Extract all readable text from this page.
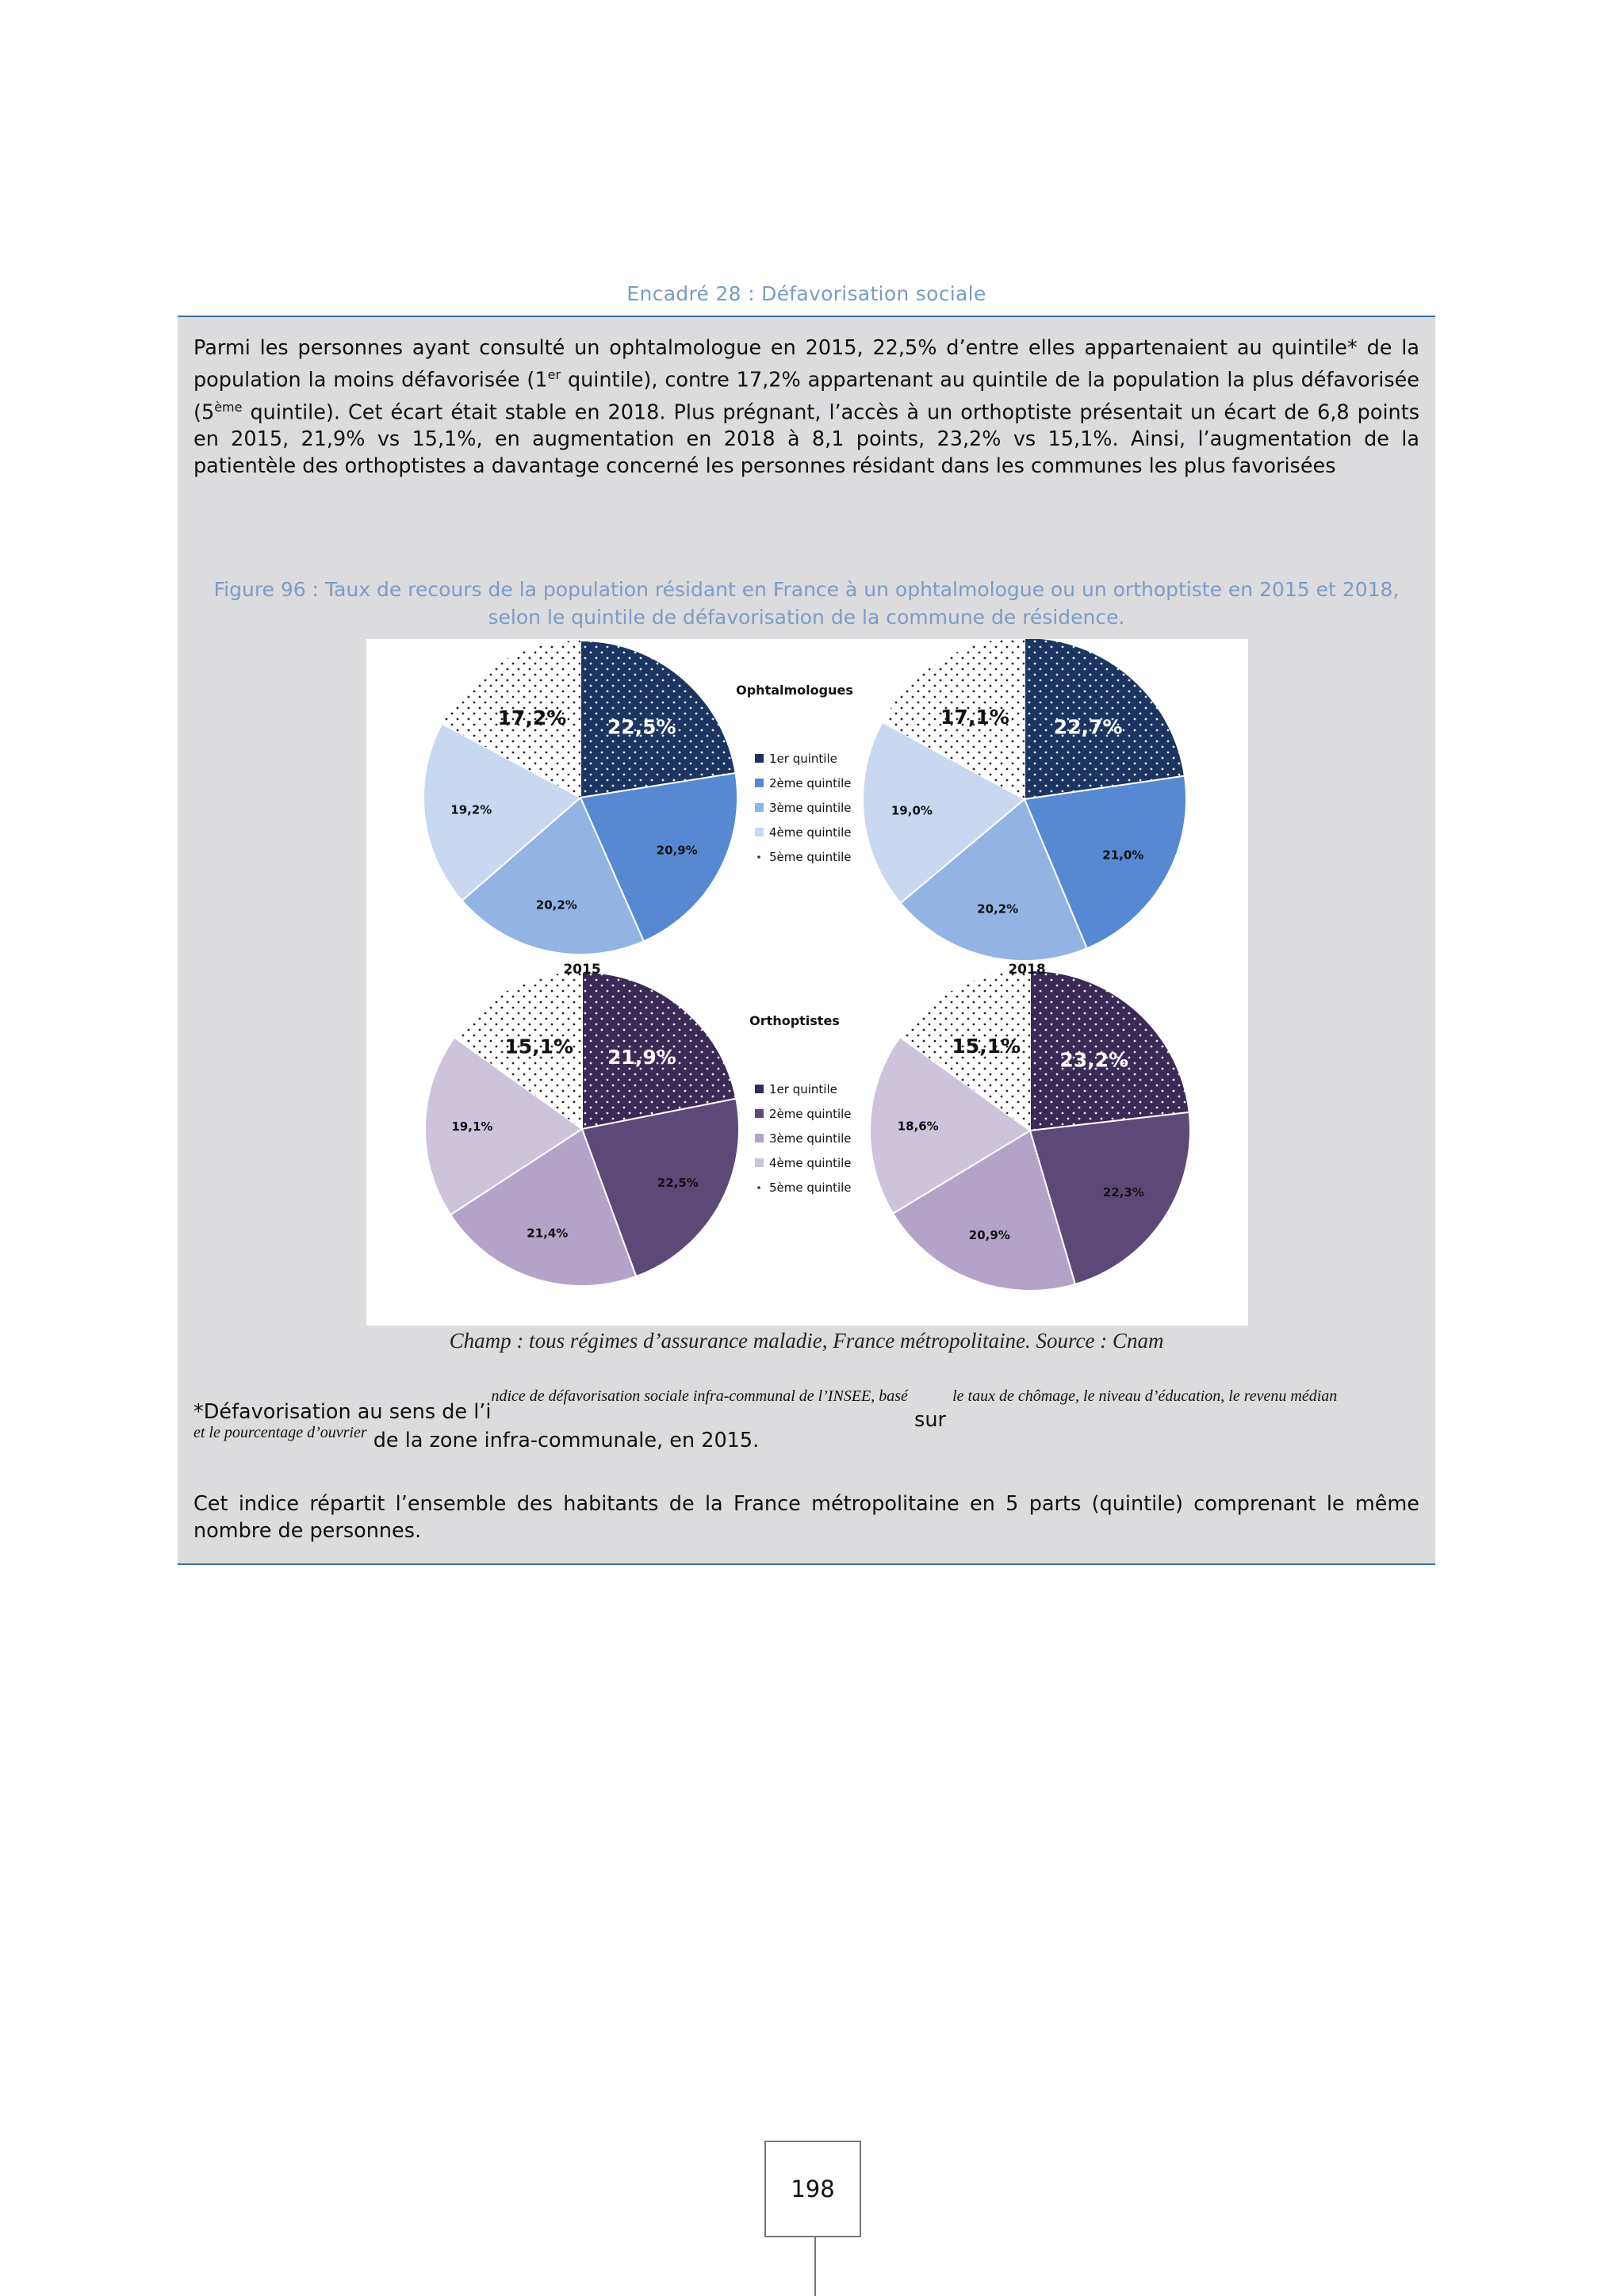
Encadré 28 : Défavorisation sociale

Parmi les personnes ayant consulté un ophtalmologue en 2015, 22,5% d’entre elles appartenaient au quintile* de la population la moins défavorisée (1er quintile), contre 17,2% appartenant au quintile de la population la plus défavorisée (5ème quintile). Cet écart était stable en 2018. Plus prégnant, l’accès à un orthoptiste présentait un écart de 6,8 points en 2015, 21,9% vs 15,1%, en augmentation en 2018 à 8,1 points, 23,2% vs 15,1%. Ainsi, l’augmentation de la patientèle des orthoptistes a davantage concerné les personnes résidant dans les communes les plus favorisées

Figure 96 : Taux de recours de la population résidant en France à un ophtalmologue ou un orthoptiste en 2015 et 2018, selon le quintile de défavorisation de la commune de résidence.
22,5%
20,9%
20,2%
19,2%
17,2%	22,7%
21,0%
20,2%
19,0%
17,1%
21,9%
22,5%
21,4%
19,1%
15,1%
23,2%
22,3%
20,9%
18,6%
15,1%
2015	2018
Ophtalmologues
1er quintile
2ème quintile
3ème quintile
4ème quintile
5ème quintile
Orthoptistes
1er quintile
2ème quintile
3ème quintile
4ème quintile
5ème quintile
Champ : tous régimes d’assurance maladie, France métropolitaine. Source : Cnam
*Défavorisation au sens de $l’i^{ndice de défavorisation sociale infra-communal de l’INSEE, basé}$ sur $^{le taux de chômage, le niveau d’éducation, le revenu médian}$
$^{et le pourcentage d’ouvrier}$ de la zone infra-communale, en 2015.

Cet indice répartit l’ensemble des habitants de la France métropolitaine en 5 parts (quintile) comprenant le même nombre de personnes.

198
